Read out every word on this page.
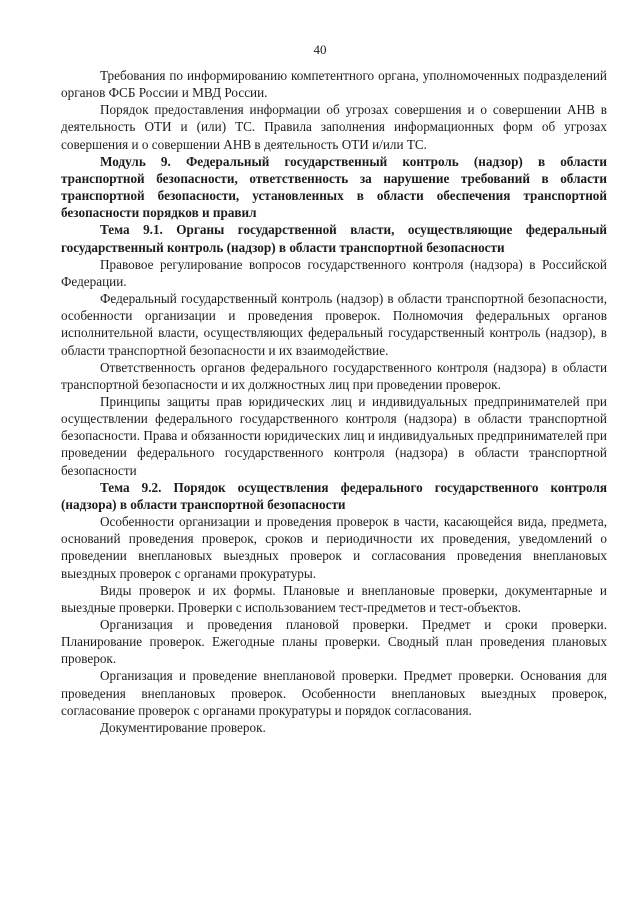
40

Требования по информированию компетентного органа, уполномоченных подразделений органов ФСБ России и МВД России.

Порядок предоставления информации об угрозах совершения и о совершении АНВ в деятельность ОТИ и (или) ТС. Правила заполнения информационных форм об угрозах совершения и о совершении АНВ в деятельность ОТИ и/или ТС.

Модуль 9. Федеральный государственный контроль (надзор) в области транспортной безопасности, ответственность за нарушение требований в области транспортной безопасности, установленных в области обеспечения транспортной безопасности порядков и правил

Тема 9.1. Органы государственной власти, осуществляющие федеральный государственный контроль (надзор) в области транспортной безопасности

Правовое регулирование вопросов государственного контроля (надзора) в Российской Федерации.

Федеральный государственный контроль (надзор) в области транспортной безопасности, особенности организации и проведения проверок. Полномочия федеральных органов исполнительной власти, осуществляющих федеральный государственный контроль (надзор), в области транспортной безопасности и их взаимодействие.

Ответственность органов федерального государственного контроля (надзора) в области транспортной безопасности и их должностных лиц при проведении проверок.

Принципы защиты прав юридических лиц и индивидуальных предпринимателей при осуществлении федерального государственного контроля (надзора) в области транспортной безопасности. Права и обязанности юридических лиц и индивидуальных предпринимателей при проведении федерального государственного контроля (надзора) в области транспортной безопасности

Тема 9.2. Порядок осуществления федерального государственного контроля (надзора) в области транспортной безопасности

Особенности организации и проведения проверок в части, касающейся вида, предмета, оснований проведения проверок, сроков и периодичности их проведения, уведомлений о проведении внеплановых выездных проверок и согласования проведения внеплановых выездных проверок с органами прокуратуры.

Виды проверок и их формы. Плановые и внеплановые проверки, документарные и выездные проверки. Проверки с использованием тест-предметов и тест-объектов.

Организация и проведения плановой проверки. Предмет и сроки проверки. Планирование проверок. Ежегодные планы проверки. Сводный план проведения плановых проверок.

Организация и проведение внеплановой проверки. Предмет проверки. Основания для проведения внеплановых проверок. Особенности внеплановых выездных проверок, согласование проверок с органами прокуратуры и порядок согласования.

Документирование проверок.
